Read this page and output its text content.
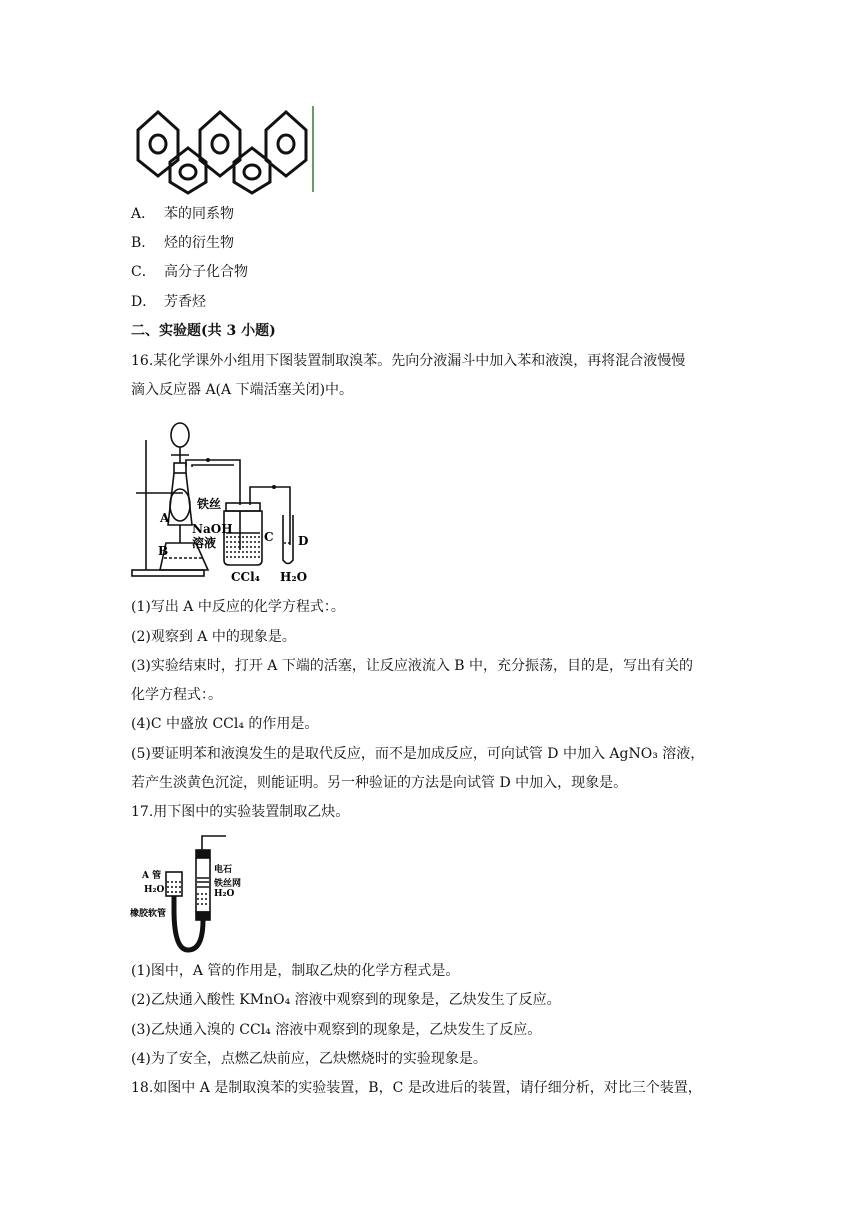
A． 苯的同系物
B． 烃的衍生物
C． 高分子化合物
D． 芳香烃
二、实验题(共 3 小题)
16.某化学课外小组用下图装置制取溴苯。先向分液漏斗中加入苯和液溴，再将混合液慢慢
滴入反应器 A(A 下端活塞关闭)中。
铁丝
NaOH
溶液
A
B
C D
CCl₄ H₂O
(1)写出 A 中反应的化学方程式：。
(2)观察到 A 中的现象是。
(3)实验结束时，打开 A 下端的活塞，让反应液流入 B 中，充分振荡，目的是，写出有关的
化学方程式：。
(4)C 中盛放 CCl₄ 的作用是。
(5)要证明苯和液溴发生的是取代反应，而不是加成反应，可向试管 D 中加入 AgNO₃ 溶液，
若产生淡黄色沉淀，则能证明。另一种验证的方法是向试管 D 中加入，现象是。
17.用下图中的实验装置制取乙炔。
A 管
H₂O
橡胶软管
电石
铁丝网
H₂O
(1)图中，A 管的作用是，制取乙炔的化学方程式是。
(2)乙炔通入酸性 KMnO₄ 溶液中观察到的现象是，乙炔发生了反应。
(3)乙炔通入溴的 CCl₄ 溶液中观察到的现象是，乙炔发生了反应。
(4)为了安全，点燃乙炔前应，乙炔燃烧时的实验现象是。
18.如图中 A 是制取溴苯的实验装置，B，C 是改进后的装置，请仔细分析，对比三个装置，
